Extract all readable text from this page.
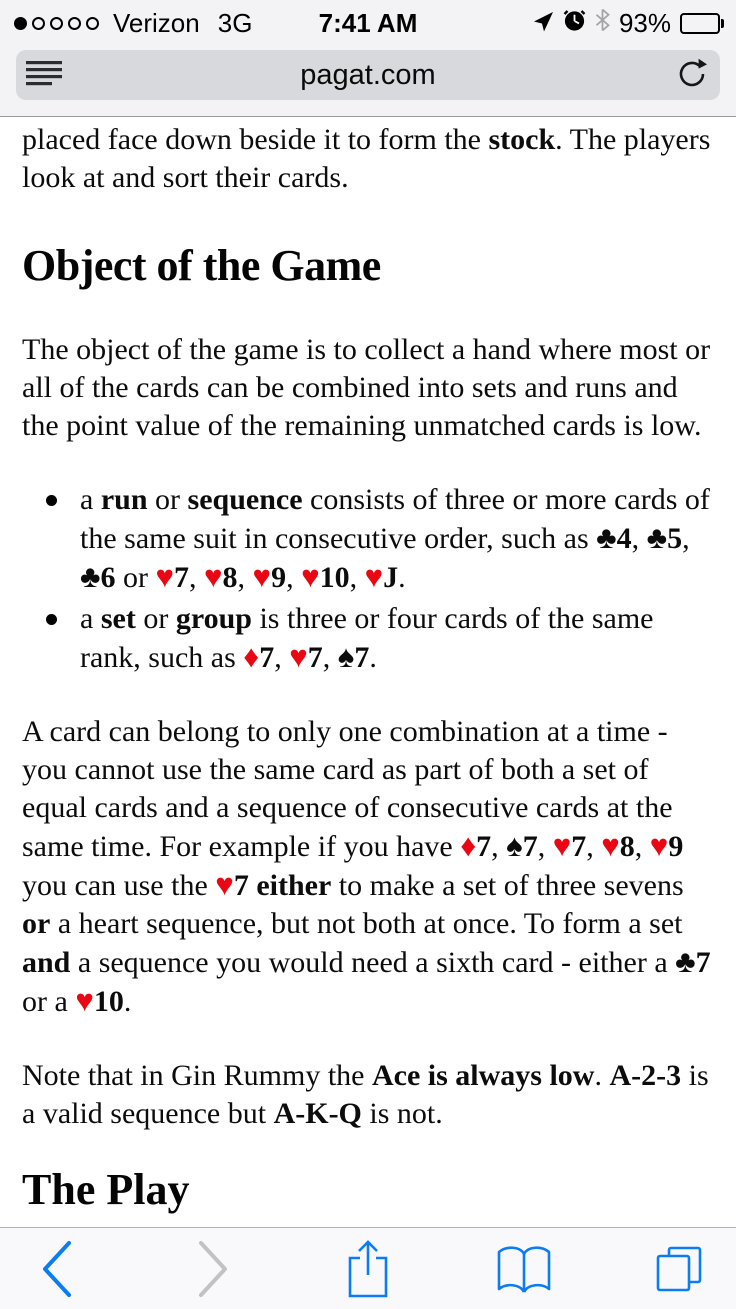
7:41 AM
Verizon 3G	93%
pagat.com

placed face down beside it to form the stock. The players look at and sort their cards.

Object of the Game

The object of the game is to collect a hand where most or all of the cards can be combined into sets and runs and the point value of the remaining unmatched cards is low.

a run or sequence consists of three or more cards of the same suit in consecutive order, such as ♣4, ♣5, ♣6 or ♥7, ♥8, ♥9, ♥10, ♥J.
a set or group is three or four cards of the same rank, such as ♦7, ♥7, ♠7.

A card can belong to only one combination at a time - you cannot use the same card as part of both a set of equal cards and a sequence of consecutive cards at the same time. For example if you have ♦7, ♠7, ♥7, ♥8, ♥9 you can use the ♥7 either to make a set of three sevens or a heart sequence, but not both at once. To form a set and a sequence you would need a sixth card - either a ♣7 or a ♥10.

Note that in Gin Rummy the Ace is always low. A-2-3 is a valid sequence but A-K-Q is not.

The Play
